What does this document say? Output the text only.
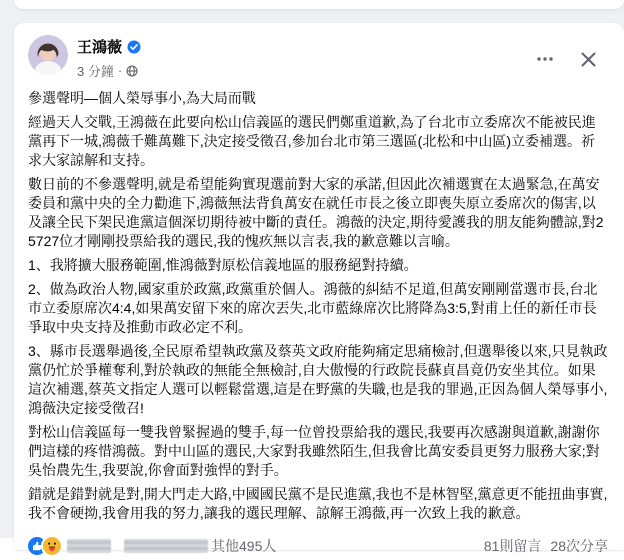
王鴻薇
3 分鐘 ·
參選聲明—個人榮辱事小,為大局而戰
經過天人交戰,王鴻薇在此要向松山信義區的選民們鄭重道歉,為了台北市立委席次不能被民進黨再下一城,鴻薇千難萬難下,決定接受徵召,參加台北市第三選區(北松和中山區)立委補選。祈求大家諒解和支持。
數日前的不參選聲明,就是希望能夠實現選前對大家的承諾,但因此次補選實在太過緊急,在萬安委員和黨中央的全力勸進下,鴻薇無法背負萬安在就任市長之後立即喪失原立委席次的傷害,以及讓全民下架民進黨這個深切期待被中斷的責任。鴻薇的決定,期待愛護我的朋友能夠體諒,對25727位才剛剛投票給我的選民,我的愧疚無以言表,我的歉意難以言喻。
1、我將擴大服務範圍,惟鴻薇對原松信義地區的服務絕對持續。
2、做為政治人物,國家重於政黨,政黨重於個人。鴻薇的糾結不足道,但萬安剛剛當選市長,台北市立委原席次4:4,如果萬安留下來的席次丟失,北市藍綠席次比將降為3:5,對甫上任的新任市長爭取中央支持及推動市政必定不利。
3、縣市長選舉過後,全民原希望執政黨及蔡英文政府能夠痛定思痛檢討,但選舉後以來,只見執政黨仍忙於爭權奪利,對於執政的無能全無檢討,自大傲慢的行政院長蘇貞昌竟仍安坐其位。如果這次補選,蔡英文指定人選可以輕鬆當選,這是在野黨的失職,也是我的罪過,正因為個人榮辱事小,鴻薇決定接受徵召!
對松山信義區每一雙我曾緊握過的雙手,每一位曾投票給我的選民,我要再次感謝與道歉,謝謝你們這樣的疼惜鴻薇。對中山區的選民,大家對我雖然陌生,但我會比萬安委員更努力服務大家;對吳怡農先生,我要說,你會面對強悍的對手。
錯就是錯對就是對,開大門走大路,中國國民黨不是民進黨,我也不是林智堅,黨意更不能扭曲事實,我不會硬拗,我會用我的努力,讓我的選民理解、諒解王鴻薇,再一次致上我的歉意。
其他495人	81則留言 28次分享
